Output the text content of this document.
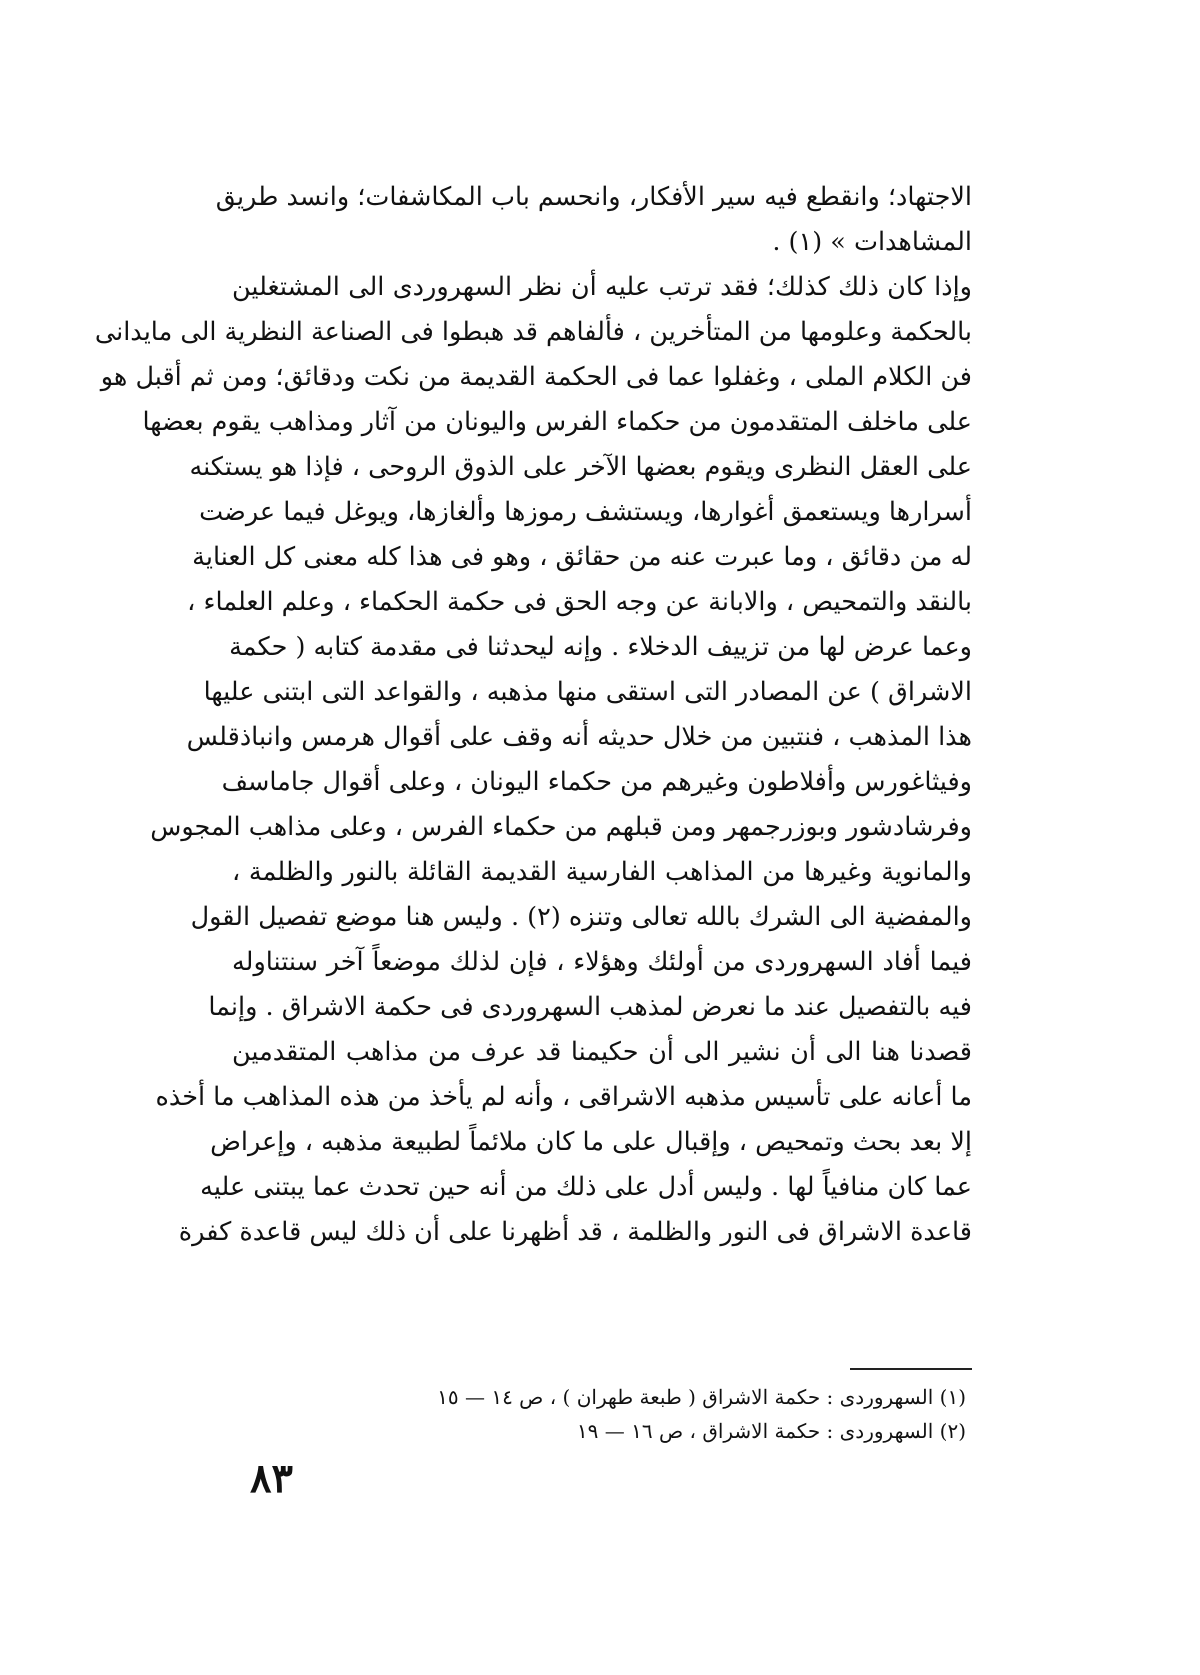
الاجتهاد؛ وانقطع فيه سير الأفكار، وانحسم باب المكاشفات؛ وانسد طريق
المشاهدات » (١) .
وإذا كان ذلك كذلك؛ فقد ترتب عليه أن نظر السهروردى الى المشتغلين
بالحكمة وعلومها من المتأخرين ، فألفاهم قد هبطوا فى الصناعة النظرية الى مايدانى
فن الكلام الملى ، وغفلوا عما فى الحكمة القديمة من نكت ودقائق؛ ومن ثم أقبل هو
على ماخلف المتقدمون من حكماء الفرس واليونان من آثار ومذاهب يقوم بعضها
على العقل النظرى ويقوم بعضها الآخر على الذوق الروحى ، فإذا هو يستكنه
أسرارها ويستعمق أغوارها، ويستشف رموزها وألغازها، ويوغل فيما عرضت
له من دقائق ، وما عبرت عنه من حقائق ، وهو فى هذا كله معنى كل العناية
بالنقد والتمحيص ، والابانة عن وجه الحق فى حكمة الحكماء ، وعلم العلماء ،
وعما عرض لها من تزييف الدخلاء . وإنه ليحدثنا فى مقدمة كتابه ( حكمة
الاشراق ) عن المصادر التى استقى منها مذهبه ، والقواعد التى ابتنى عليها
هذا المذهب ، فنتبين من خلال حديثه أنه وقف على أقوال هرمس وانباذقلس
وفيثاغورس وأفلاطون وغيرهم من حكماء اليونان ، وعلى أقوال جاماسف
وفرشادشور وبوزرجمهر ومن قبلهم من حكماء الفرس ، وعلى مذاهب المجوس
والمانوية وغيرها من المذاهب الفارسية القديمة القائلة بالنور والظلمة ،
والمفضية الى الشرك بالله تعالى وتنزه (٢) . وليس هنا موضع تفصيل القول
فيما أفاد السهروردى من أولئك وهؤلاء ، فإن لذلك موضعاً آخر سنتناوله
فيه بالتفصيل عند ما نعرض لمذهب السهروردى فى حكمة الاشراق . وإنما
قصدنا هنا الى أن نشير الى أن حكيمنا قد عرف من مذاهب المتقدمين
ما أعانه على تأسيس مذهبه الاشراقى ، وأنه لم يأخذ من هذه المذاهب ما أخذه
إلا بعد بحث وتمحيص ، وإقبال على ما كان ملائماً لطبيعة مذهبه ، وإعراض
عما كان منافياً لها . وليس أدل على ذلك من أنه حين تحدث عما يبتنى عليه
قاعدة الاشراق فى النور والظلمة ، قد أظهرنا على أن ذلك ليس قاعدة كفرة
(١) السهروردى : حكمة الاشراق ( طبعة طهران ) ، ص ١٤ — ١٥
(٢) السهروردى : حكمة الاشراق ، ص ١٦ — ١٩
٨٣
